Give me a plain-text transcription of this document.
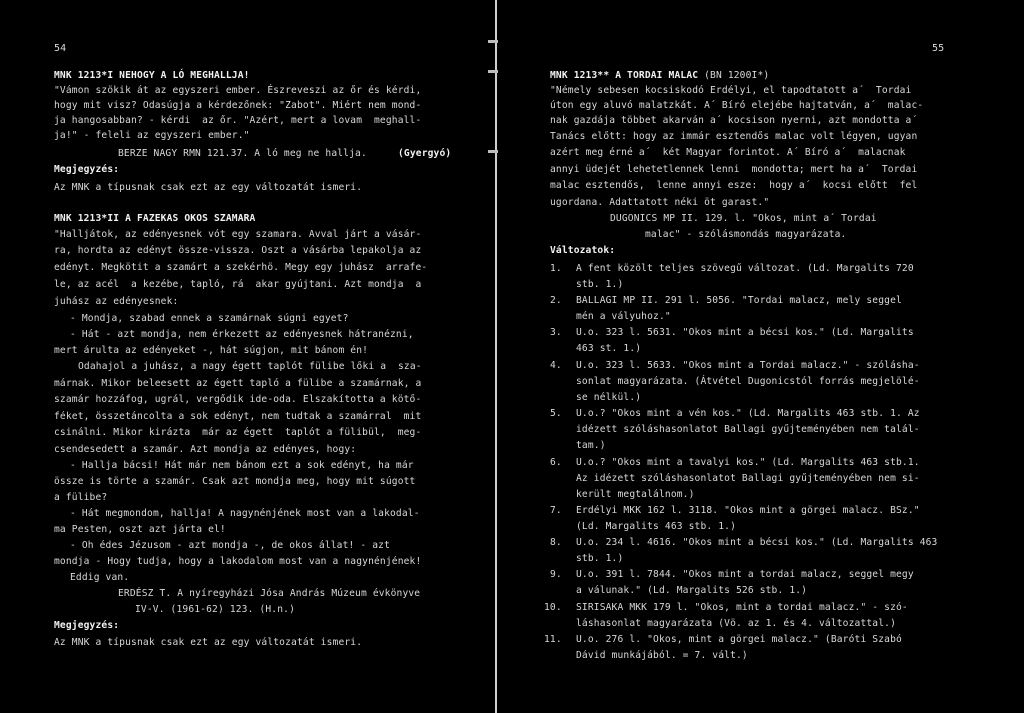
54
MNK 1213*I NEHOGY A LÓ MEGHALLJA!
"Vámon szökik át az egyszeri ember. Észreveszi az őr és kérdi,
hogy mit visz? Odasúgja a kérdezőnek: "Zabot". Miért nem mond-
ja hangosabban? - kérdi  az őr. "Azért, mert a lovam  meghall-
ja!" - feleli az egyszeri ember."
BERZE NAGY RMN 121.37. A ló meg ne hallja.	(Gyergyó)
Megjegyzés:
Az MNK a típusnak csak ezt az egy változatát ismeri.
MNK 1213*II A FAZEKAS OKOS SZAMARA
"Halljátok, az edényesnek vót egy szamara. Avval járt a vásár-
ra, hordta az edényt össze-vissza. Oszt a vásárba lepakolja az
edényt. Megkötit a szamárt a szekérhö. Megy egy juhász  arrafe-
le, az acél  a kezébe, tapló, rá  akar gyújtani. Azt mondja  a
juhász az edényesnek:
- Mondja, szabad ennek a szamárnak súgni egyet?
- Hát - azt mondja, nem érkezett az edényesnek hátranézni,
mert árulta az edényeket -, hát súgjon, mit bánom én!
Odahajol a juhász, a nagy égett taplót fülibe lőki a  sza-
márnak. Mikor beleesett az égett tapló a fülibe a szamárnak, a
szamár hozzáfog, ugrál, vergődik ide-oda. Elszakította a kötő-
féket, összetáncolta a sok edényt, nem tudtak a szamárral  mit
csinálni. Mikor kirázta  már az égett  taplót a fülibül,  meg-
csendesedett a szamár. Azt mondja az edényes, hogy:
- Hallja bácsi! Hát már nem bánom ezt a sok edényt, ha már
össze is törte a szamár. Csak azt mondja meg, hogy mit súgott
a fülibe?
- Hát megmondom, hallja! A nagynénjének most van a lakodal-
ma Pesten, oszt azt járta el!
- Oh édes Jézusom - azt mondja -, de okos állat! - azt
mondja - Hogy tudja, hogy a lakodalom most van a nagynénjének!
Eddig van.
ERDÉSZ T. A nyíregyházi Jósa András Múzeum évkönyve
IV-V. (1961-62) 123. (H.n.)
Megjegyzés:
Az MNK a típusnak csak ezt az egy változatát ismeri.
55
MNK 1213** A TORDAI MALAC (BN 1200I*)
"Némely sebesen kocsiskodó Erdélyi, el tapodtatott a´  Tordai
úton egy aluvó malatzkát. A´ Bíró elejébe hajtatván, a´  malac-
nak gazdája többet akarván a´ kocsison nyerni, azt mondotta a´
Tanács előtt: hogy az immár esztendős malac volt légyen, ugyan
azért meg érné a´  két Magyar forintot. A´ Bíró a´  malacnak
annyi üdejét lehetetlennek lenni  mondotta; mert ha a´  Tordai
malac esztendős,  lenne annyi esze:  hogy a´  kocsi előtt  fel
ugordana. Adattatott néki öt garast."
DUGONICS MP II. 129. l. "Okos, mint a´ Tordai
malac" - szólásmondás magyarázata.
Változatok:
1. A fent közölt teljes szövegű változat. (Ld. Margalits 720
stb. 1.)
2. BALLAGI MP II. 291 l. 5056. "Tordai malacz, mely seggel
mén a vályuhoz."
3. U.o. 323 l. 5631. "Okos mint a bécsi kos." (Ld. Margalits
463 st. 1.)
4. U.o. 323 l. 5633. "Okos mint a Tordai malacz." - szólásha-
sonlat magyarázata. (Átvétel Dugonicstól forrás megjelölé-
se nélkül.)
5. U.o.? "Okos mint a vén kos." (Ld. Margalits 463 stb. 1. Az
idézett szóláshasonlatot Ballagi gyűjteményében nem talál-
tam.)
6. U.o.? "Okos mint a tavalyi kos." (Ld. Margalits 463 stb.1.
Az idézett szóláshasonlatot Ballagi gyűjteményében nem si-
került megtalálnom.)
7. Erdélyi MKK 162 l. 3118. "Okos mint a görgei malacz. BSz."
(Ld. Margalits 463 stb. 1.)
8. U.o. 234 l. 4616. "Okos mint a bécsi kos." (Ld. Margalits 463
stb. 1.)
9. U.o. 391 l. 7844. "Okos mint a tordai malacz, seggel megy
a válunak." (Ld. Margalits 526 stb. 1.)
10. SIRISAKA MKK 179 l. "Okos, mint a tordai malacz." - szó-
láshasonlat magyarázata (Vö. az 1. és 4. változattal.)
11. U.o. 276 l. "Okos, mint a görgei malacz." (Baróti Szabó
Dávid munkájából. = 7. vált.)
